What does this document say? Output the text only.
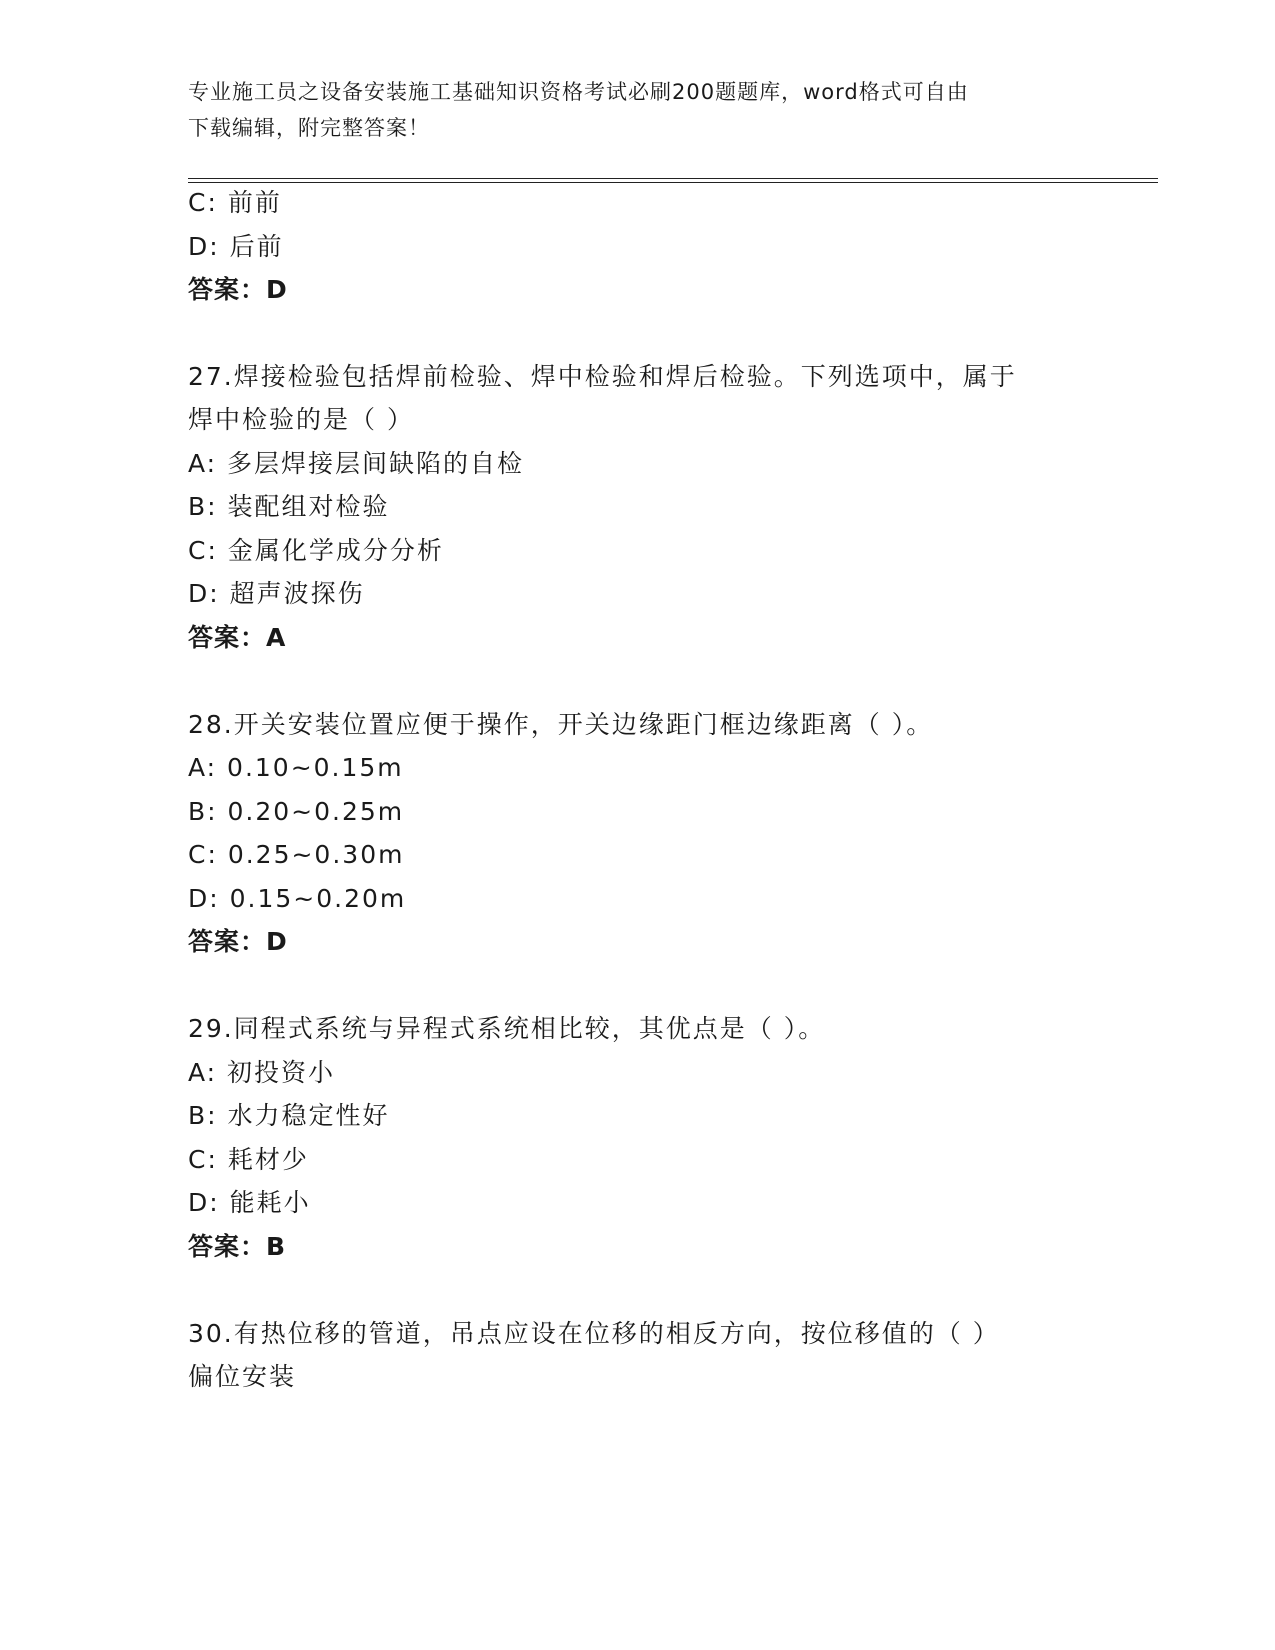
专业施工员之设备安装施工基础知识资格考试必刷200题题库，word格式可自由
下载编辑，附完整答案！
C: 前前
D: 后前
答案：D
27.焊接检验包括焊前检验、焊中检验和焊后检验。下列选项中，属于
焊中检验的是（ ）
A: 多层焊接层间缺陷的自检
B: 装配组对检验
C: 金属化学成分分析
D: 超声波探伤
答案：A
28.开关安装位置应便于操作，开关边缘距门框边缘距离（ ）。
A: 0.10~0.15m
B: 0.20~0.25m
C: 0.25~0.30m
D: 0.15~0.20m
答案：D
29.同程式系统与异程式系统相比较，其优点是（ ）。
A: 初投资小
B: 水力稳定性好
C: 耗材少
D: 能耗小
答案：B
30.有热位移的管道，吊点应设在位移的相反方向，按位移值的（ ）
偏位安装
